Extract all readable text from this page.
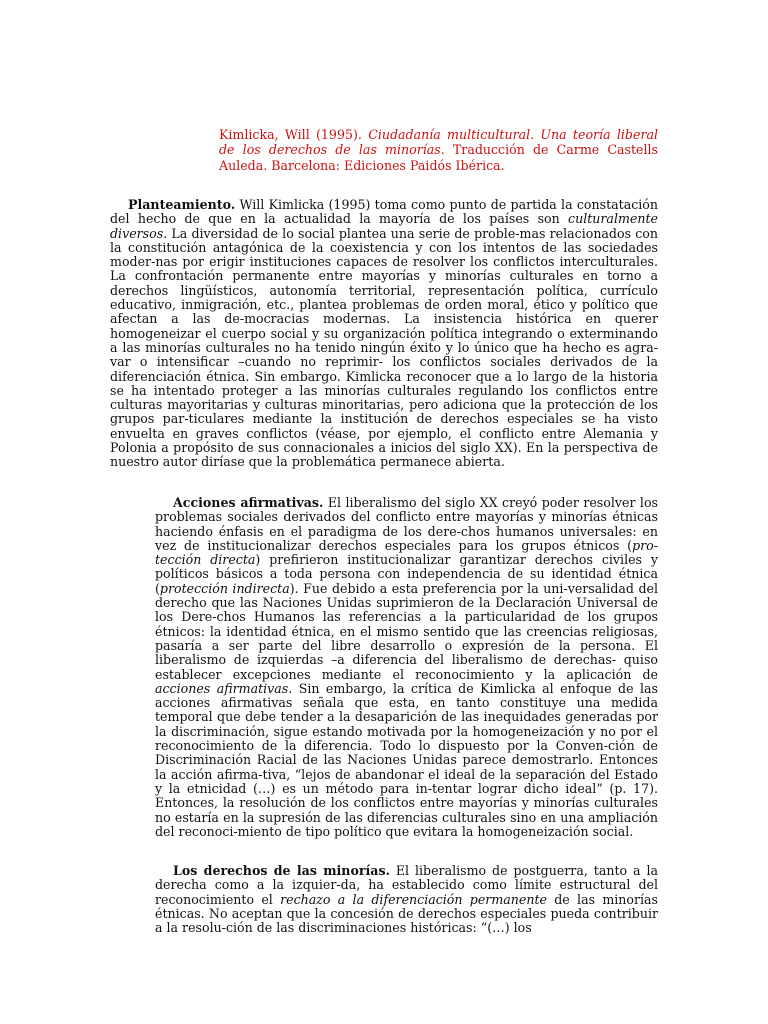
Kimlicka, Will (1995). Ciudadanía multicultural. Una teoría liberal de los derechos de las minorías. Traducción de Carme Castells Auleda. Barcelona: Ediciones Paidós Ibérica.
Planteamiento. Will Kimlicka (1995) toma como punto de partida la constatación del hecho de que en la actualidad la mayoría de los países son culturalmente diversos. La diversidad de lo social plantea una serie de proble-mas relacionados con la constitución antagónica de la coexistencia y con los intentos de las sociedades moder-nas por erigir instituciones capaces de resolver los conflictos interculturales. La confrontación permanente entre mayorías y minorías culturales en torno a derechos lingüísticos, autonomía territorial, representación política, currículo educativo, inmigración, etc., plantea problemas de orden moral, ético y político que afectan a las de-mocracias modernas. La insistencia histórica en querer homogeneizar el cuerpo social y su organización política integrando o exterminando a las minorías culturales no ha tenido ningún éxito y lo único que ha hecho es agra-var o intensificar –cuando no reprimir- los conflictos sociales derivados de la diferenciación étnica. Sin embargo. Kimlicka reconocer que a lo largo de la historia se ha intentado proteger a las minorías culturales regulando los conflictos entre culturas mayoritarias y culturas minoritarias, pero adiciona que la protección de los grupos par-ticulares mediante la institución de derechos especiales se ha visto envuelta en graves conflictos (véase, por ejemplo, el conflicto entre Alemania y Polonia a propósito de sus connacionales a inicios del siglo XX). En la perspectiva de nuestro autor diríase que la problemática permanece abierta.
Acciones afirmativas. El liberalismo del siglo XX creyó poder resolver los problemas sociales derivados del conflicto entre mayorías y minorías étnicas haciendo énfasis en el paradigma de los dere-chos humanos universales: en vez de institucionalizar derechos especiales para los grupos étnicos (pro-tección directa) prefirieron institucionalizar garantizar derechos civiles y políticos básicos a toda persona con independencia de su identidad étnica (protección indirecta). Fue debido a esta preferencia por la uni-versalidad del derecho que las Naciones Unidas suprimieron de la Declaración Universal de los Dere-chos Humanos las referencias a la particularidad de los grupos étnicos: la identidad étnica, en el mismo sentido que las creencias religiosas, pasaría a ser parte del libre desarrollo o expresión de la persona. El liberalismo de izquierdas –a diferencia del liberalismo de derechas- quiso establecer excepciones mediante el reconocimiento y la aplicación de acciones afirmativas. Sin embargo, la crítica de Kimlicka al enfoque de las acciones afirmativas señala que esta, en tanto constituye una medida temporal que debe tender a la desaparición de las inequidades generadas por la discriminación, sigue estando motivada por la homogeneización y no por el reconocimiento de la diferencia. Todo lo dispuesto por la Conven-ción de Discriminación Racial de las Naciones Unidas parece demostrarlo. Entonces la acción afirma-tiva, “lejos de abandonar el ideal de la separación del Estado y la etnicidad (…) es un método para in-tentar lograr dicho ideal” (p. 17). Entonces, la resolución de los conflictos entre mayorías y minorías culturales no estaría en la supresión de las diferencias culturales sino en una ampliación del reconoci-miento de tipo político que evitara la homogeneización social.
Los derechos de las minorías. El liberalismo de postguerra, tanto a la derecha como a la izquier-da, ha establecido como límite estructural del reconocimiento el rechazo a la diferenciación permanente de las minorías étnicas. No aceptan que la concesión de derechos especiales pueda contribuir a la resolu-ción de las discriminaciones históricas: “(…) los
